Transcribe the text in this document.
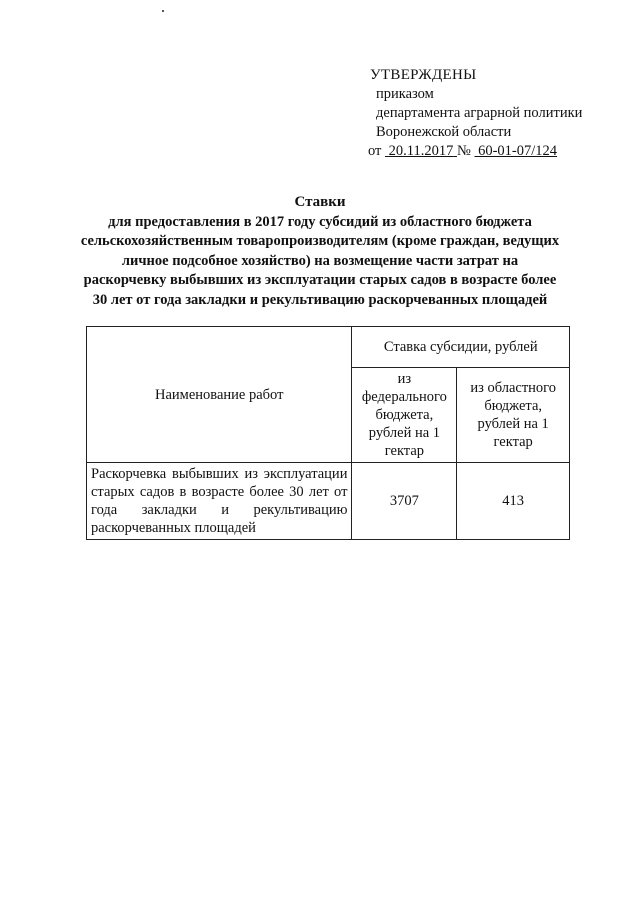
УТВЕРЖДЕНЫ
приказом
департамента аграрной политики
Воронежской области
от 20.11.2017 № 60-01-07/124
Ставки
для предоставления в 2017 году субсидий из областного бюджета
сельскохозяйственным товаропроизводителям (кроме граждан, ведущих
личное подсобное хозяйство) на возмещение части затрат на
раскорчевку выбывших из эксплуатации старых садов в возрасте более
30 лет от года закладки и рекультивацию раскорчеванных площадей
Наименование работ	Ставка субсидии, рублей	
	из федерального бюджета, рублей на 1 гектар	из областного бюджета, рублей на 1 гектар
Раскорчевка выбывших из эксплуатации старых садов в возрасте более 30 лет от года закладки и рекультивацию раскорчеванных площадей	3707	413
